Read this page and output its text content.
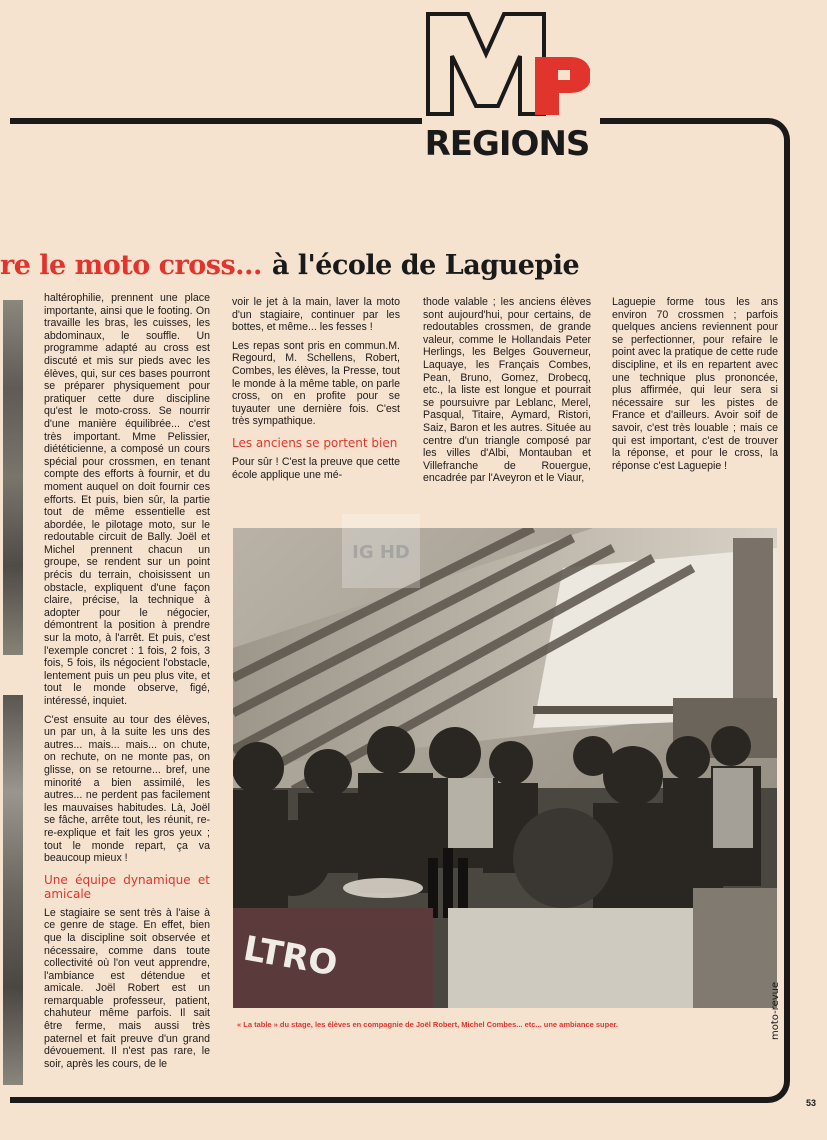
REGIONS
re le moto cross... à l'école de Laguepie

haltérophilie, prennent une place importante, ainsi que le footing. On travaille les bras, les cuisses, les abdominaux, le souffle. Un programme adapté au cross est discuté et mis sur pieds avec les élèves, qui, sur ces bases pourront se préparer physiquement pour pratiquer cette dure discipline qu'est le moto-cross. Se nourrir d'une manière équilibrée... c'est très important. Mme Pelissier, diététicienne, a composé un cours spécial pour crossmen, en tenant compte des efforts à fournir, et du moment auquel on doit fournir ces efforts. Et puis, bien sûr, la partie tout de même essentielle est abordée, le pilotage moto, sur le redoutable circuit de Bally. Joël et Michel prennent chacun un groupe, se rendent sur un point précis du terrain, choisissent un obstacle, expliquent d'une façon claire, précise, la technique à adopter pour le négocier, démontrent la position à prendre sur la moto, à l'arrêt. Et puis, c'est l'exemple concret : 1 fois, 2 fois, 3 fois, 5 fois, ils négocient l'obstacle, lentement puis un peu plus vite, et tout le monde observe, figé, intéressé, inquiet.

C'est ensuite au tour des élèves, un par un, à la suite les uns des autres... mais... mais... on chute, on rechute, on ne monte pas, on glisse, on se retourne... bref, une minorité a bien assimilé, les autres... ne perdent pas facilement les mauvaises habitudes. Là, Joël se fâche, arrête tout, les réunit, re-re-explique et fait les gros yeux ; tout le monde repart, ça va beaucoup mieux !

Une équipe dynamique et amicale

Le stagiaire se sent très à l'aise à ce genre de stage. En effet, bien que la discipline soit observée et nécessaire, comme dans toute collectivité où l'on veut apprendre, l'ambiance est détendue et amicale. Joël Robert est un remarquable professeur, patient, chahuteur même parfois. Il sait être ferme, mais aussi très paternel et fait preuve d'un grand dévouement. Il n'est pas rare, le soir, après les cours, de le

voir le jet à la main, laver la moto d'un stagiaire, continuer par les bottes, et même... les fesses !

Les repas sont pris en commun.M. Regourd, M. Schellens, Robert, Combes, les élèves, la Presse, tout le monde à la même table, on parle cross, on en profite pour se tuyauter une dernière fois. C'est très sympathique.

Les anciens se portent bien

Pour sûr ! C'est la preuve que cette école applique une mé-

thode valable ; les anciens élèves sont aujourd'hui, pour certains, de redoutables crossmen, de grande valeur, comme le Hollandais Peter Herlings, les Belges Gouverneur, Laquaye, les Français Combes, Pean, Bruno, Gomez, Drobecq, etc., la liste est longue et pourrait se poursuivre par Leblanc, Merel, Pasqual, Titaire, Aymard, Ristori, Saiz, Baron et les autres. Située au centre d'un triangle composé par les villes d'Albi, Montauban et Villefranche de Rouergue, encadrée par l'Aveyron et le Viaur,

Laguepie forme tous les ans environ 70 crossmen ; parfois quelques anciens reviennent pour se perfectionner, pour refaire le point avec la pratique de cette rude discipline, et ils en repartent avec une technique plus prononcée, plus affirmée, qui leur sera si nécessaire sur les pistes de France et d'ailleurs. Avoir soif de savoir, c'est très louable ; mais ce qui est important, c'est de trouver la réponse, et pour le cross, la réponse c'est Laguepie !

LTRO
IG HD
« La table » du stage, les élèves en compagnie de Joël Robert, Michel Combes... etc... une ambiance super.	moto-revue
53
